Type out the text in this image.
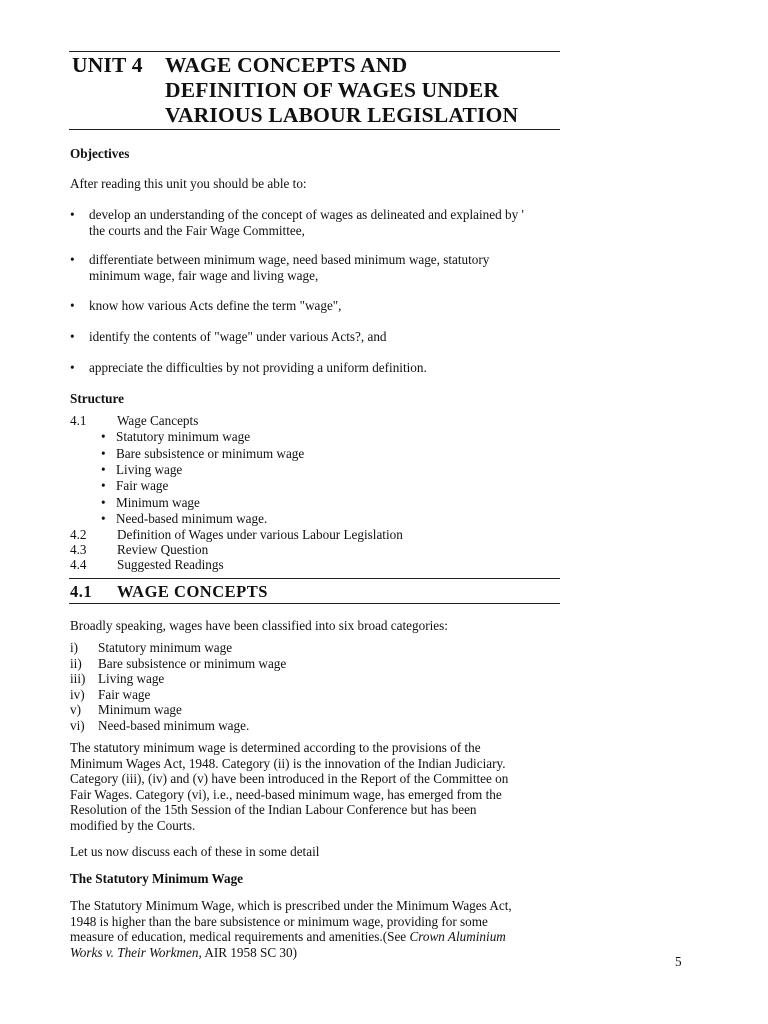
UNIT 4 WAGE CONCEPTS AND
DEFINITION OF WAGES UNDER
VARIOUS LABOUR LEGISLATION
Objectives
After reading this unit you should be able to:
•	develop an understanding of the concept of wages as delineated and explained by '
the courts and the Fair Wage Committee,
•	differentiate between minimum wage, need based minimum wage, statutory
minimum wage, fair wage and living wage,
•	know how various Acts define the term "wage",
•	identify the contents of "wage" under various Acts?, and
•	appreciate the difficulties by not providing a uniform definition.
Structure
4.1 Wage Cancepts
• Statutory minimum wage
• Bare subsistence or minimum wage
• Living wage
• Fair wage
• Minimum wage
• Need-based minimum wage.
4.2 Definition of Wages under various Labour Legislation
4.3 Review Question
4.4 Suggested Readings
4.1 WAGE CONCEPTS
Broadly speaking, wages have been classified into six broad categories:
i) Statutory minimum wage
ii) Bare subsistence or minimum wage
iii) Living wage
iv) Fair wage
v) Minimum wage
vi) Need-based minimum wage.
The statutory minimum wage is determined according to the provisions of the
Minimum Wages Act, 1948. Category (ii) is the innovation of the Indian Judiciary.
Category (iii), (iv) and (v) have been introduced in the Report of the Committee on
Fair Wages. Category (vi), i.e., need-based minimum wage, has emerged from the
Resolution of the 15th Session of the Indian Labour Conference but has been
modified by the Courts.
Let us now discuss each of these in some detail
The Statutory Minimum Wage
The Statutory Minimum Wage, which is prescribed under the Minimum Wages Act,
1948 is higher than the bare subsistence or minimum wage, providing for some
measure of education, medical requirements and amenities.(See Crown Aluminium
Works v. Their Workmen, AIR 1958 SC 30)
5
